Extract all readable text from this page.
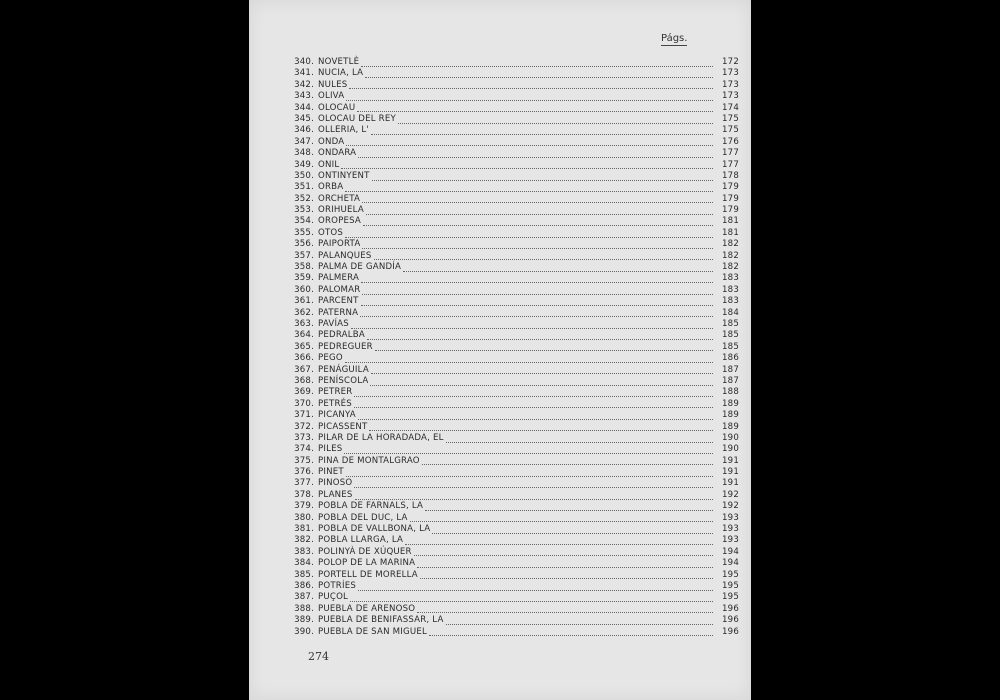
Págs.
340. NOVETLÈ	172
341. NUCIA, LA	173
342. NULES	173
343. OLIVA	173
344. OLOCAU	174
345. OLOCAU DEL REY	175
346. OLLERIA, L'	175
347. ONDA	176
348. ONDARA	177
349. ONIL	177
350. ONTINYENT	178
351. ORBA	179
352. ORCHETA	179
353. ORIHUELA	179
354. OROPESA	181
355. OTOS	181
356. PAIPORTA	182
357. PALANQUES	182
358. PALMA DE GANDÍA	182
359. PALMERA	183
360. PALOMAR	183
361. PARCENT	183
362. PATERNA	184
363. PAVÍAS	185
364. PEDRALBA	185
365. PEDREGUER	185
366. PEGO	186
367. PENÁGUILA	187
368. PENÍSCOLA	187
369. PETRER	188
370. PETRÉS	189
371. PICANYA	189
372. PICASSENT	189
373. PILAR DE LA HORADADA, EL	190
374. PILES	190
375. PINA DE MONTALGRAO	191
376. PINET	191
377. PINOSO	191
378. PLANES	192
379. POBLA DE FARNALS, LA	192
380. POBLA DEL DUC, LA	193
381. POBLA DE VALLBONA, LA	193
382. POBLA LLARGA, LA	193
383. POLINYÀ DE XÚQUER	194
384. POLOP DE LA MARINA	194
385. PORTELL DE MORELLA	195
386. POTRÍES	195
387. PUÇOL	195
388. PUEBLA DE ARENOSO	196
389. PUEBLA DE BENIFASSAR, LA	196
390. PUEBLA DE SAN MIGUEL	196
274
